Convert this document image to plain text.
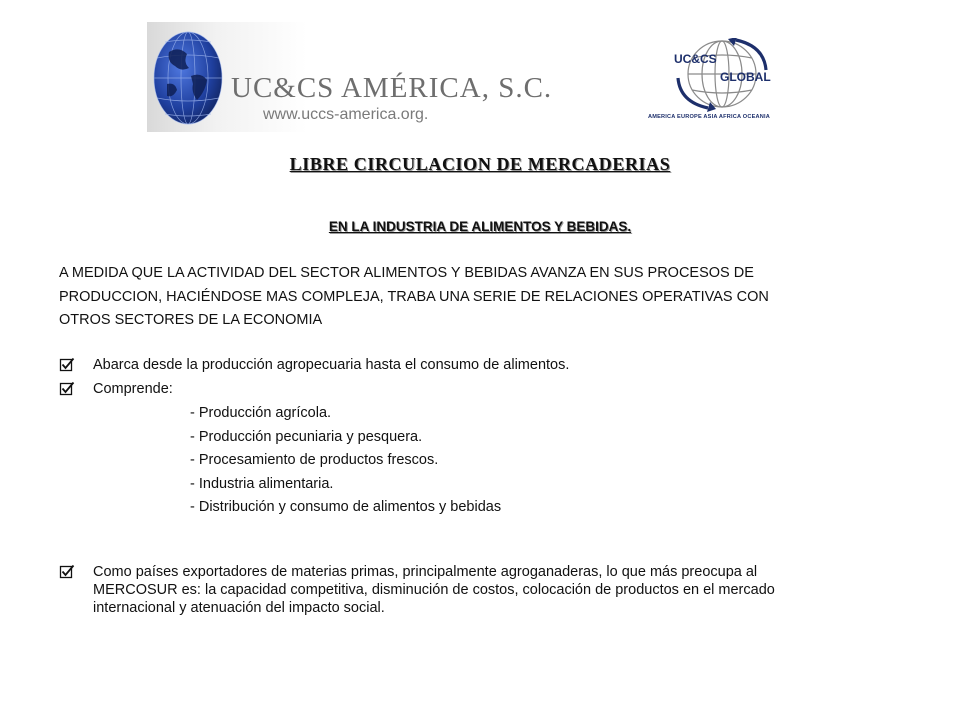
UC&CS AMÉRICA, S.C.
www.uccs-america.org.
UC&CS
GLOBAL
AMERICA EUROPE ASIA AFRICA OCEANIA
LIBRE CIRCULACION DE MERCADERIAS
EN LA INDUSTRIA DE ALIMENTOS Y BEBIDAS.
A MEDIDA QUE LA ACTIVIDAD DEL SECTOR ALIMENTOS Y BEBIDAS AVANZA EN SUS PROCESOS DE
PRODUCCION, HACIÉNDOSE MAS COMPLEJA, TRABA UNA SERIE DE RELACIONES OPERATIVAS CON
OTROS SECTORES DE LA ECONOMIA
Abarca desde la producción agropecuaria hasta el consumo de alimentos.
Comprende:
- Producción agrícola.
- Producción pecuniaria y pesquera.
- Procesamiento de productos frescos.
- Industria alimentaria.
- Distribución y consumo de alimentos y bebidas
Como países exportadores de materias primas, principalmente agroganaderas, lo que más preocupa al MERCOSUR es: la capacidad competitiva, disminución de costos, colocación de productos en el mercado internacional y atenuación del impacto social.
